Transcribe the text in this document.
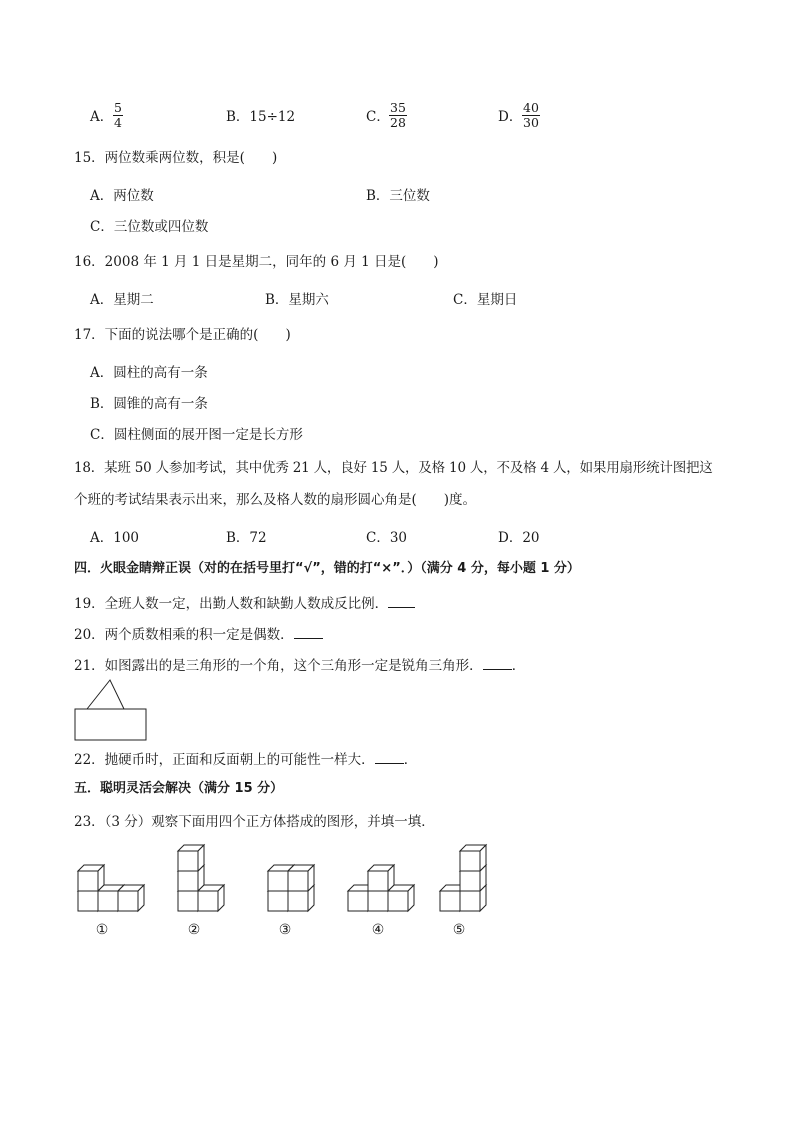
A． $\frac{5}{4}$	B．15÷12	C． $\frac{35}{28}$	D． $\frac{40}{30}$
15．两位数乘两位数，积是(　　)
A．两位数	B．三位数
C．三位数或四位数
16．2008 年 1 月 1 日是星期二，同年的 6 月 1 日是(　　)
A．星期二	B．星期六	C．星期日
17．下面的说法哪个是正确的(　　)
A．圆柱的高有一条
B．圆锥的高有一条
C．圆柱侧面的展开图一定是长方形
18．某班 50 人参加考试，其中优秀 21 人，良好 15 人，及格 10 人，不及格 4 人，如果用扇形统计图把这
个班的考试结果表示出来，那么及格人数的扇形圆心角是(　　)度。
A．100	B．72	C．30	D．20
四．火眼金睛辩正误（对的在括号里打“√”，错的打“×”．）（满分 4 分，每小题 1 分）
19．全班人数一定，出勤人数和缺勤人数成反比例．
20．两个质数相乘的积一定是偶数．
21．如图露出的是三角形的一个角，这个三角形一定是锐角三角形． ．
22．抛硬币时，正面和反面朝上的可能性一样大． ．
五．聪明灵活会解决（满分 15 分）
23．（3 分）观察下面用四个正方体搭成的图形，并填一填．
①	②	③	④	⑤
